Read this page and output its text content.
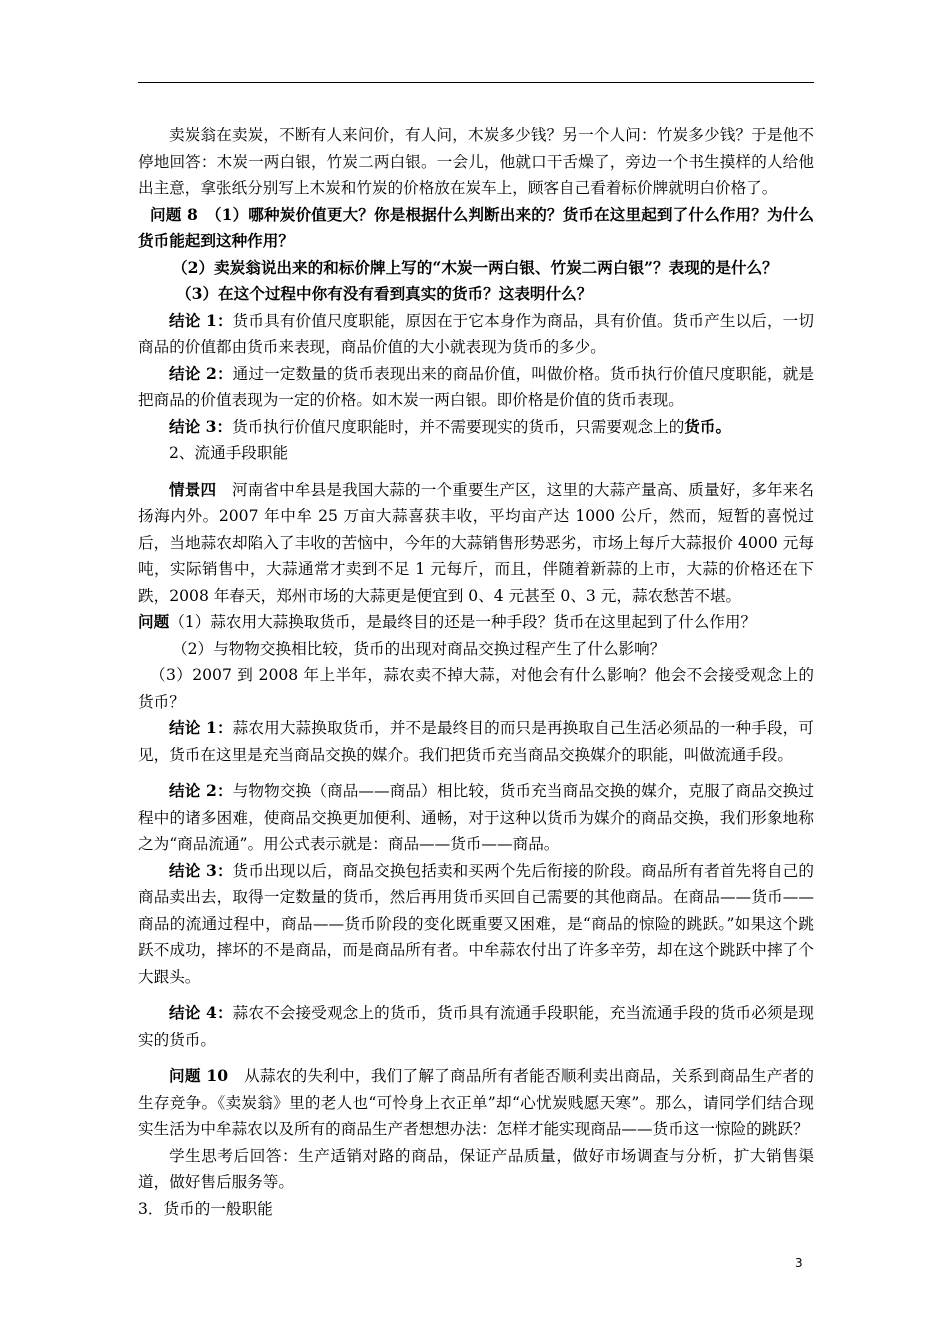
卖炭翁在卖炭，不断有人来问价，有人问，木炭多少钱？另一个人问：竹炭多少钱？于是他不停地回答：木炭一两白银，竹炭二两白银。一会儿，他就口干舌燥了，旁边一个书生摸样的人给他出主意，拿张纸分别写上木炭和竹炭的价格放在炭车上，顾客自己看着标价牌就明白价格了。

问题 8　（1）哪种炭价值更大？你是根据什么判断出来的？货币在这里起到了什么作用？为什么货币能起到这种作用？

（2）卖炭翁说出来的和标价牌上写的“木炭一两白银、竹炭二两白银”？表现的是什么？

（3）在这个过程中你有没有看到真实的货币？这表明什么？

结论 1：货币具有价值尺度职能，原因在于它本身作为商品，具有价值。货币产生以后，一切商品的价值都由货币来表现，商品价值的大小就表现为货币的多少。

结论 2：通过一定数量的货币表现出来的商品价值，叫做价格。货币执行价值尺度职能，就是把商品的价值表现为一定的价格。如木炭一两白银。即价格是价值的货币表现。

结论 3：货币执行价值尺度职能时，并不需要现实的货币，只需要观念上的货币。

2、流通手段职能

情景四　河南省中牟县是我国大蒜的一个重要生产区，这里的大蒜产量高、质量好，多年来名扬海内外。2007 年中牟 25 万亩大蒜喜获丰收，平均亩产达 1000 公斤，然而，短暂的喜悦过后，当地蒜农却陷入了丰收的苦恼中，今年的大蒜销售形势恶劣，市场上每斤大蒜报价 4000 元每吨，实际销售中，大蒜通常才卖到不足 1 元每斤，而且，伴随着新蒜的上市，大蒜的价格还在下跌，2008 年春天，郑州市场的大蒜更是便宜到 0、4 元甚至 0、3 元，蒜农愁苦不堪。

问题（1）蒜农用大蒜换取货币，是最终目的还是一种手段？货币在这里起到了什么作用？

（2）与物物交换相比较，货币的出现对商品交换过程产生了什么影响？

（3）2007 到 2008 年上半年，蒜农卖不掉大蒜，对他会有什么影响？他会不会接受观念上的货币？

结论 1：蒜农用大蒜换取货币，并不是最终目的而只是再换取自己生活必须品的一种手段，可见，货币在这里是充当商品交换的媒介。我们把货币充当商品交换媒介的职能，叫做流通手段。

结论 2：与物物交换（商品——商品）相比较，货币充当商品交换的媒介，克服了商品交换过程中的诸多困难，使商品交换更加便利、通畅，对于这种以货币为媒介的商品交换，我们形象地称之为“商品流通”。用公式表示就是：商品——货币——商品。

结论 3：货币出现以后，商品交换包括卖和买两个先后衔接的阶段。商品所有者首先将自己的商品卖出去，取得一定数量的货币，然后再用货币买回自己需要的其他商品。在商品——货币——商品的流通过程中，商品——货币阶段的变化既重要又困难，是“商品的惊险的跳跃。”如果这个跳跃不成功，摔坏的不是商品，而是商品所有者。中牟蒜农付出了许多辛劳，却在这个跳跃中摔了个大跟头。

结论 4：蒜农不会接受观念上的货币，货币具有流通手段职能，充当流通手段的货币必须是现实的货币。

问题 10　从蒜农的失利中，我们了解了商品所有者能否顺利卖出商品，关系到商品生产者的生存竞争。《卖炭翁》里的老人也“可怜身上衣正单”却“心忧炭贱愿天寒”。那么，请同学们结合现实生活为中牟蒜农以及所有的商品生产者想想办法：怎样才能实现商品——货币这一惊险的跳跃？

学生思考后回答：生产适销对路的商品，保证产品质量，做好市场调查与分析，扩大销售渠道，做好售后服务等。

3．货币的一般职能

3
